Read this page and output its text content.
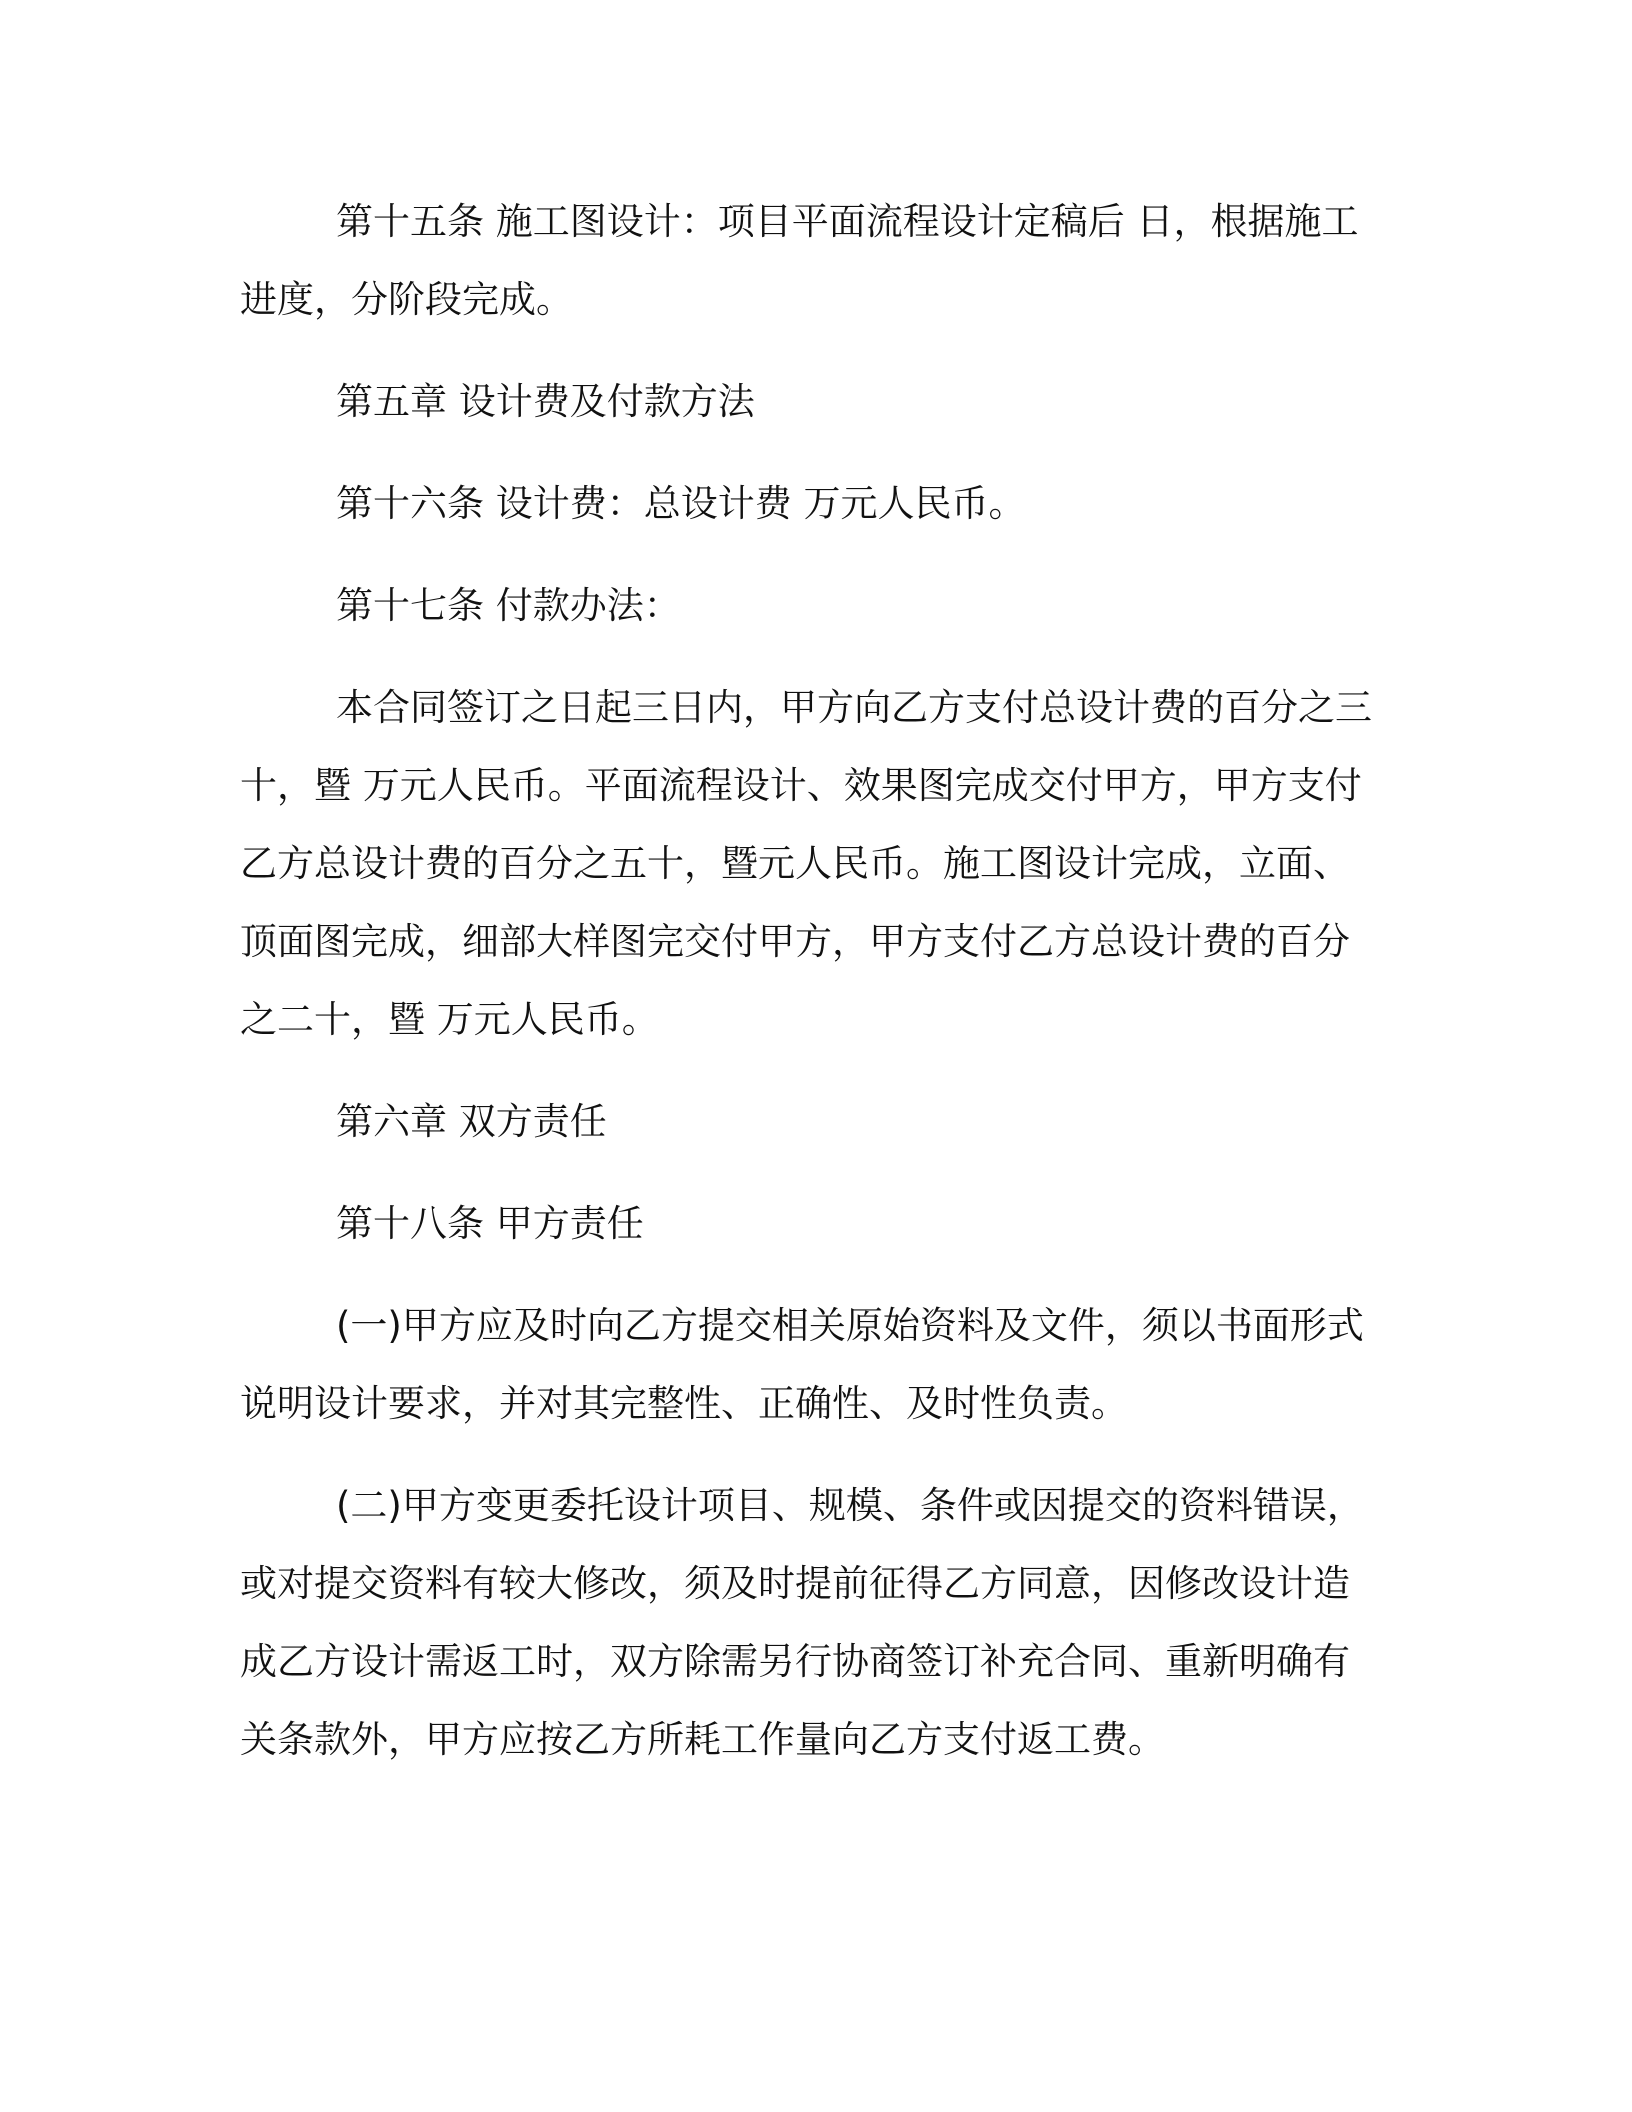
第十五条 施工图设计：项目平面流程设计定稿后 日，根据施工
进度，分阶段完成。
第五章 设计费及付款方法
第十六条 设计费：总设计费 万元人民币。
第十七条 付款办法：
本合同签订之日起三日内，甲方向乙方支付总设计费的百分之三
十，暨 万元人民币。平面流程设计、效果图完成交付甲方，甲方支付
乙方总设计费的百分之五十，暨元人民币。施工图设计完成，立面、
顶面图完成，细部大样图完交付甲方，甲方支付乙方总设计费的百分
之二十，暨 万元人民币。
第六章 双方责任
第十八条 甲方责任
(一)甲方应及时向乙方提交相关原始资料及文件，须以书面形式
说明设计要求，并对其完整性、正确性、及时性负责。
(二)甲方变更委托设计项目、规模、条件或因提交的资料错误，
或对提交资料有较大修改，须及时提前征得乙方同意，因修改设计造
成乙方设计需返工时，双方除需另行协商签订补充合同、重新明确有
关条款外，甲方应按乙方所耗工作量向乙方支付返工费。
